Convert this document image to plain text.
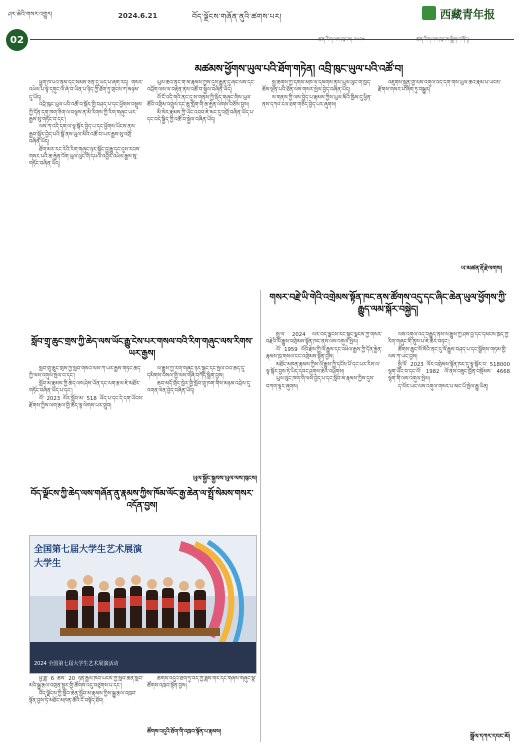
ཤར་ཆེའི་གསར་འགྱུར།	2024.6.21	བོད་ལྗོངས་གཞོན་ནུའི་ཚགས་པར།	西藏青年报
02
མཚམས་ཕྱོགས་ཡུལ་པའི་ཐོག་གཏེན། འབྲི་ཁུང་ཡུལ་པའི་འཚོ་བ།

ཕྱུག་ཁ་པའི་ནམ་དང་སེམས་ཅན་དུ་ཡོད་པ་ཞིག་རེད། གསར་འཕེལ་པ་སྟེ་དགུང་ལོ་ཞེ་བ་ཡིན་པ་ཉིད་ཀྱི་ཐོག་ཏུ་གྲངས་ཀ་མཉམ་དུ་ཡོད།

འབྲི་ཁུང་ཡུལ་པའི་འཚོ་བ་སྐོར་གྱི་བཤད་པ་དང་ཕྱོགས་བསྡུས་ཀྱི་དོན་དག་ཁག་ཅིག་ལ་བལྟས་ན་མི་རིགས་ཀྱི་རིག་གཞུང་ཡར་རྒྱས་སུ་གཏོང་བ་དང་།

ལས་ཀ་འདི་དག་ལ་ལྟ་སྐོར་བྱེད་པ་དང་ཕྱོགས་ཡོངས་ནས་རྒྱབ་སྐྱོར་བྱེད་པའི་སྒོ་ནས་ཡུལ་མིའི་འཚོ་བ་ཡར་རྒྱས་སུ་འགྲོ་བཞིན་ཡོད།

ཐོག་མར་རང་རེའི་རིག་གཞུང་ཉར་སྐྱོང་བྱ་རྒྱུ་དང་དུས་རབས་གསར་པའི་ཆ་རྐྱེན་འོག་ཡུལ་ལུང་གི་དཔལ་འབྱོར་འཕེལ་རྒྱས་སུ་གཏོང་བཞིན་ཡོད།

ཡུལ་ཚོའི་ནང་གི་མི་རྣམས་ཀྱིས་དུས་རྒྱུན་དུ་ཞིང་ལས་དང་འབྲོག་ལས་ལ་བརྟེན་ནས་འཚོ་བ་སྐྱེལ་བཞིན་ཡོད།

ལོ་ངོ་འདི་གའི་ནང་དུ་ས་གནས་ཀྱི་སྲིད་གཞུང་གིས་ཡུལ་ཚོའི་འགྲིམ་འགྲུལ་དང་ཆུ་གློག་གི་ཆ་རྐྱེན་ལེགས་བཅོས་བྱས།

མི་སེར་རྣམས་ཀྱི་ཡོང་འབབ་ཇེ་མང་དུ་འགྲོ་བཞིན་ཡོད་པ་དང་བདེ་སྐྱིད་ཀྱི་འཚོ་བ་སྐྱེལ་བཞིན་ཡོད།

སྤྱི་ཚོགས་ཀྱི་དགོས་མཁོ་ལ་དམིགས་ནས་ཡུལ་ལུང་གི་ཁྱད་ཆོས་ལྡན་པའི་ཐོན་ལས་གསར་སྤེལ་བྱེད་བཞིན་ཡོད།

ས་གནས་ཀྱི་ལས་བྱེད་པ་རྣམས་ཀྱིས་ཡུལ་མིའི་ཁྱིམ་དུ་ཕྱིན་ནས་དཀའ་ངལ་ཐག་གཅོད་བྱེད་པར་ཞུགས།

འཛུགས་སྐྲུན་གྱི་ལས་འགུལ་འདི་དག་གིས་ཡུལ་ཚོའི་རྣམ་པ་ཡོངས་རྫོགས་གསར་པ་ཞིག་ཏུ་བསྒྱུར།

ཡ་མཚན་རྡོ་རྗེ་ལགས།
སློབ་གྲྭ་ཆུང་གྲས་ཀྱི་ཆེད་ལས་ཡོང་རྒྱུ་ངེས་པར་གསལ་བའི་རིག་གཞུང་ལས་རིགས་ཡར་རྒྱས།

སློབ་གྲྭ་ཆུང་གྲས་ཀྱི་སློབ་གསོའི་ལས་ཀ་ཡར་རྒྱས་གཏོང་ཆེད་ཀྱི་ལས་འགུལ་སྤེལ་བ་དང་།

སློབ་མ་རྣམས་ཀྱི་ཆེད་ལས་ཤེས་ཡོན་དང་ལག་རྩལ་ཇེ་མཐོར་གཏོང་བཞིན་ཡོད་པ་དང་།

ལོ་ 2023 ལོར་སློབ་མ་ 518 ཡོད་པ་དང་དེ་དག་ཡོངས་རྫོགས་ཀྱིས་ལག་རྩལ་གྱི་ཚོད་ལྟ་ལེགས་པར་གྲུབ།

ལོ་རྒྱུས་ཀྱི་རིག་གཞུང་ཉར་སྐྱོང་དང་སྤེལ་བའི་ཆེད་དུ་དམིགས་བསལ་གྱི་ལས་གཞི་བཀོད་སྒྲིག་བྱས།

ཆབ་མདོ་གྲོང་ཁྱེར་གྱི་སློབ་གྲྭ་ཁག་གིས་མཉམ་འབྲེལ་དུ་འགན་ལེན་བྱེད་བཞིན་ཡོད།

ཡུལ་སྐྱོང་སྐྱབས་ཡུལ་ལས་ཁུངས།
བོད་ལྗོངས་ཀྱི་ཆེད་ལས་གཞོན་ནུ་རྣམས་ཀྱིས་ཁོམ་ལོང་རྒྱ་ཆེན་ལ་སྤྲོ་སེམས་གསར་འདོན་བྱས།
全国第七届大学生艺术展演
大学生
2024 全国第七届大学生艺术展演活动

ཕྱི་ཟླ་ 6 ཚེས་ 20 ཉིན་རྒྱལ་ཁབ་ཡོངས་ཀྱི་སློབ་ཆེན་སློབ་མའི་སྒྱུ་རྩལ་འགྲན་སྡུར་གྱི་ཚོགས་འདུ་བཙུགས་པ་དང་།

བོད་ལྗོངས་ཀྱི་སློབ་ཆེན་སློབ་མ་རྣམས་ཀྱིས་སྒྱུ་རྩལ་འཁྲབ་སྟོན་བྱས་ཏེ་མཐོང་མཁན་ཚོའི་ངོ་བསྟོད་ཐོབ།

ཚོགས་འདུའི་ཐོག་ཏུ་བོད་ཀྱི་ཟློས་གར་དང་གཞས་གཞུང་སྣ་ཚོགས་འཁྲབ་སྟོན་བྱས།

ཚོགས་འདུའི་ཐོག་གི་འཁྲབ་སྟོན་པ་རྣམས།
གསར་བརྗེ་ཡི་གེའི་འགྲེམས་སྟོན་ཁང་ནས་ཚོགས་འདུ་དང་ཞིང་ཆེན་ཡུལ་ཕྱོགས་ཀྱི་རྒྱུད་ལམ་སྐོར་བསྐྱེད།

སྤྱི་ལོ་ 2024 ལོར་བོད་ལྗོངས་རང་སྐྱོང་ལྗོངས་ཀྱི་གསར་བརྗེའི་ལོ་རྒྱུས་འགྲེམས་སྟོན་ཁང་ནས་ལས་འགུལ་སྤེལ།

ལོ་ 1959 ལོའི་རྗེས་ཀྱི་ལོ་རྒྱུས་དང་འཕེལ་རྒྱས་ཀྱི་དོན་རྐྱེན་རྣམས་ཁྲ་གསལ་ངང་འགྲེམས་སྟོན་བྱས།

མཐོང་མཁན་རྣམས་ཀྱིས་ལོ་རྒྱུས་ཀྱི་དངོས་པོ་དང་པར་རིས་ལ་ལྟ་སྐོར་བྱས་ཏེ་ཡིད་དབང་ཤུགས་ཆེར་འཕྲོགས།

ཡུལ་ལུང་ཁག་གི་ལས་བྱེད་པ་དང་སློབ་མ་རྣམས་ཀྱིས་དུས་བཀག་ལྟར་ཞུགས།

ལས་འགུལ་འདི་བརྒྱུད་ནས་ལོ་རྒྱུས་ཀྱི་ཤེས་བྱ་དང་དམངས་ཁྲོད་ཀྱི་རིག་གཞུང་གི་ནུས་པ་ཇེ་ཆེར་བཏང་།

ཚོགས་ཆུང་སོ་སོའི་ནང་དུ་ལོ་རྒྱུས་བཤད་པ་དང་སྒྲོགས་གཏམ་གྱི་ལས་ཀ་ཡང་བྱས།

སྤྱི་ལོ་ 2023 ལོར་འགྲེམས་སྟོན་ཁང་དུ་ལྟ་སྐོར་བ་ 518000 ལྷག་ཡོང་བ་དང་ལོ་ 1982 ལོ་ནས་བཟུང་ཁྱོན་བསྡོམས་ 4668 ལྷག་གི་ལས་འགུལ་སྤེལ།

ད་ལོར་ཡང་ལས་འགུལ་གསར་པ་མང་པོ་སྤེལ་རྒྱུ་ཡིན།

སྒྲོལ་དཀར་དབང་མོ།
